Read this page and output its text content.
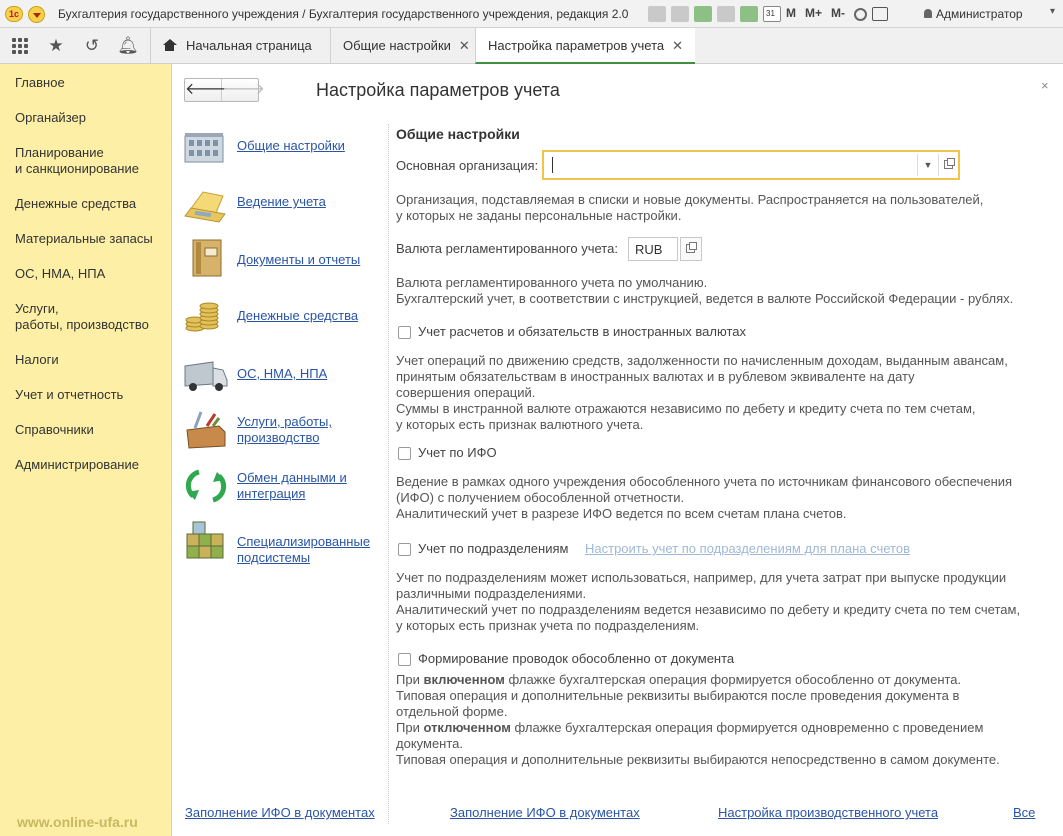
1с	Бухгалтерия государственного учреждения / Бухгалтерия государственного учреждения, редакция 2.0
31	M M+ M-	Администратор	▾
★ ↺ 🔔︎	Начальная страница	Общие настройки ✕	Настройка параметров учета ✕
Главное
Органайзер
Планирование
и санкционирование
Денежные средства
Материальные запасы
ОС, НМА, НПА
Услуги,
работы, производство
Налоги
Учет и отчетность
Справочники
Администрирование
www.online-ufa.ru
🡐
🡒	Настройка параметров учета	×
Общие настройки
Ведение учета
Документы и отчеты
Денежные средства
ОС, НМА, НПА
Услуги, работы,
производство
Обмен данными и
интеграция
Специализированные
подсистемы
Общие настройки
Основная организация:	▼
Организация, подставляемая в списки и новые документы. Распространяется на пользователей,
у которых не заданы персональные настройки.
Валюта регламентированного учета:	RUB
Валюта регламентированного учета по умолчанию.
Бухгалтерский учет, в соответствии с инструкцией, ведется в валюте Российской Федерации - рублях.
Учет расчетов и обязательств в иностранных валютах
Учет операций по движению средств, задолженности по начисленным доходам, выданным авансам,
принятым обязательствам в иностранных валютах и в рублевом эквиваленте на дату
совершения операций.
Суммы в инстранной валюте отражаются независимо по дебету и кредиту счета по тем счетам,
у которых есть признак валютного учета.
Учет по ИФО
Ведение в рамках одного учреждения обособленного учета по источникам финансового обеспечения
(ИФО) с получением обособленной отчетности.
Аналитический учет в разрезе ИФО ведется по всем счетам плана счетов.
Учет по подразделениям Настроить учет по подразделениям для плана счетов
Учет по подразделениям может использоваться, например, для учета затрат при выпуске продукции
различными подразделениями.
Аналитический учет по подразделениям ведется независимо по дебету и кредиту счета по тем счетам,
у которых есть признак учета по подразделениям.
Формирование проводок обособленно от документа
При включенном флажке бухгалтерская операция формируется обособленно от документа.
Типовая операция и дополнительные реквизиты выбираются после проведения документа в
отдельной форме.
При отключенном флажке бухгалтерская операция формируется одновременно с проведением
документа.
Типовая операция и дополнительные реквизиты выбираются непосредственно в самом документе.
Заполнение ИФО в документах	Заполнение ИФО в документах	Настройка производственного учета	Все
